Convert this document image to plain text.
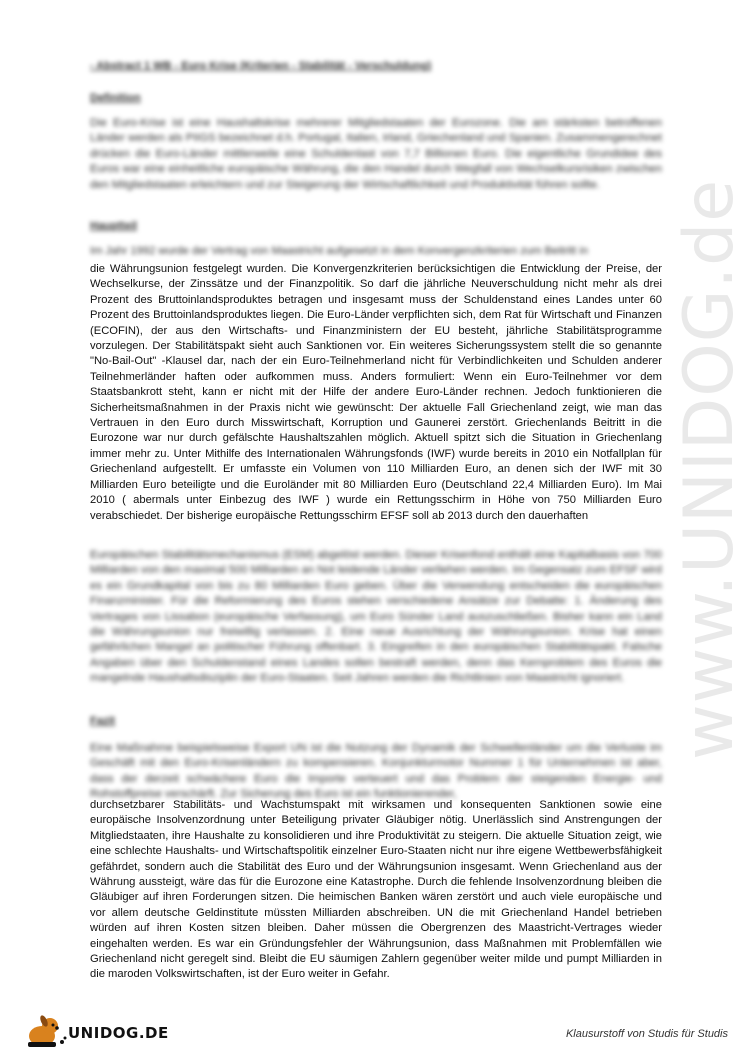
- Abstract 1 WB - Euro Krise (Kriterien - Stabilität - Verschuldung)
Definition

Die Euro-Krise ist eine Haushaltskrise mehrerer Mitgliedstaaten der Eurozone. Die am stärksten betroffenen Länder werden als PIIGS bezeichnet d.h. Portugal, Italien, Irland, Griechenland und Spanien. Zusammengerechnet drücken die Euro-Länder mittlerweile eine Schuldenlast von 7,7 Billionen Euro. Die eigentliche Grundidee des Euros war eine einheitliche europäische Währung, die den Handel durch Wegfall von Wechselkursrisiken zwischen den Mitgliedstaaten erleichtern und zur Steigerung der Wirtschaftlichkeit und Produktivität führen sollte.

Hauptteil

Im Jahr 1992 wurde der Vertrag von Maastricht aufgesetzt in dem Konvergenzkriterien zum Beitritt in

die Währungsunion festgelegt wurden. Die Konvergenzkriterien berücksichtigen die Entwicklung der Preise, der Wechselkurse, der Zinssätze und der Finanzpolitik. So darf die jährliche Neuverschuldung nicht mehr als drei Prozent des Bruttoinlandsproduktes betragen und insgesamt muss der Schuldenstand eines Landes unter 60 Prozent des Bruttoinlandsproduktes liegen. Die Euro-Länder verpflichten sich, dem Rat für Wirtschaft und Finanzen (ECOFIN), der aus den Wirtschafts- und Finanzministern der EU besteht, jährliche Stabilitätsprogramme vorzulegen. Der Stabilitätspakt sieht auch Sanktionen vor. Ein weiteres Sicherungssystem stellt die so genannte "No-Bail-Out" -Klausel dar, nach der ein Euro-Teilnehmerland nicht für Verbindlichkeiten und Schulden anderer Teilnehmerländer haften oder aufkommen muss. Anders formuliert: Wenn ein Euro-Teilnehmer vor dem Staatsbankrott steht, kann er nicht mit der Hilfe der andere Euro-Länder rechnen. Jedoch funktionieren die Sicherheitsmaßnahmen in der Praxis nicht wie gewünscht: Der aktuelle Fall Griechenland zeigt, wie man das Vertrauen in den Euro durch Misswirtschaft, Korruption und Gaunerei zerstört. Griechenlands Beitritt in die Eurozone war nur durch gefälschte Haushaltszahlen möglich. Aktuell spitzt sich die Situation in Griechenlang immer mehr zu. Unter Mithilfe des Internationalen Währungsfonds (IWF) wurde bereits in 2010 ein Notfallplan für Griechenland aufgestellt. Er umfasste ein Volumen von 110 Milliarden Euro, an denen sich der IWF mit 30 Milliarden Euro beteiligte und die Euroländer mit 80 Milliarden Euro (Deutschland 22,4 Milliarden Euro). Im Mai 2010 ( abermals unter Einbezug des IWF ) wurde ein Rettungsschirm in Höhe von 750 Milliarden Euro verabschiedet. Der bisherige europäische Rettungsschirm EFSF soll ab 2013 durch den dauerhaften

Europäischen Stabilitätsmechanismus (ESM) abgelöst werden. Dieser Krisenfond enthält eine Kapitalbasis von 700 Milliarden von den maximal 500 Milliarden an Not leidende Länder verliehen werden. Im Gegensatz zum EFSF wird es ein Grundkapital von bis zu 80 Milliarden Euro geben. Über die Verwendung entscheiden die europäischen Finanzminister. Für die Reformierung des Euros stehen verschiedene Ansätze zur Debatte: 1. Änderung des Vertrages von Lissabon (europäische Verfassung), um Euro Sünder Land auszuschließen. Bisher kann ein Land die Währungsunion nur freiwillig verlassen. 2. Eine neue Ausrichtung der Währungsunion. Krise hat einen gefährlichen Mangel an politischer Führung offenbart. 3. Eingreifen in den europäischen Stabilitätspakt. Falsche Angaben über den Schuldenstand eines Landes sollen bestraft werden, denn das Kernproblem des Euros die mangelnde Haushaltsdisziplin der Euro-Staaten. Seit Jahren werden die Richtlinien von Maastricht ignoriert.

Fazit

Eine Maßnahme beispielsweise Export UN ist die Nutzung der Dynamik der Schwellenländer um die Verluste im Geschäft mit den Euro-Krisenländern zu kompensieren. Konjunkturmotor Nummer 1 für Unternehmen ist aber, dass der derzeit schwächere Euro die Importe verteuert und das Problem der steigenden Energie- und Rohstoffpreise verschärft. Zur Sicherung des Euro ist ein funktionierender,

durchsetzbarer Stabilitäts- und Wachstumspakt mit wirksamen und konsequenten Sanktionen sowie eine europäische Insolvenzordnung unter Beteiligung privater Gläubiger nötig. Unerlässlich sind Anstrengungen der Mitgliedstaaten, ihre Haushalte zu konsolidieren und ihre Produktivität zu steigern. Die aktuelle Situation zeigt, wie eine schlechte Haushalts- und Wirtschaftspolitik einzelner Euro-Staaten nicht nur ihre eigene Wettbewerbsfähigkeit gefährdet, sondern auch die Stabilität des Euro und der Währungsunion insgesamt. Wenn Griechenland aus der Währung aussteigt, wäre das für die Eurozone eine Katastrophe. Durch die fehlende Insolvenzordnung bleiben die Gläubiger auf ihren Forderungen sitzen. Die heimischen Banken wären zerstört und auch viele europäische und vor allem deutsche Geldinstitute müssten Milliarden abschreiben. UN die mit Griechenland Handel betrieben würden auf ihren Kosten sitzen bleiben. Daher müssen die Obergrenzen des Maastricht-Vertrages wieder eingehalten werden. Es war ein Gründungsfehler der Währungsunion, dass Maßnahmen mit Problemfällen wie Griechenland nicht geregelt sind. Bleibt die EU säumigen Zahlern gegenüber weiter milde und pumpt Milliarden in die maroden Volkswirtschaften, ist der Euro weiter in Gefahr.

www.UNIDOG.de
UNIDOG.DE	Klausurstoff von Studis für Studis
